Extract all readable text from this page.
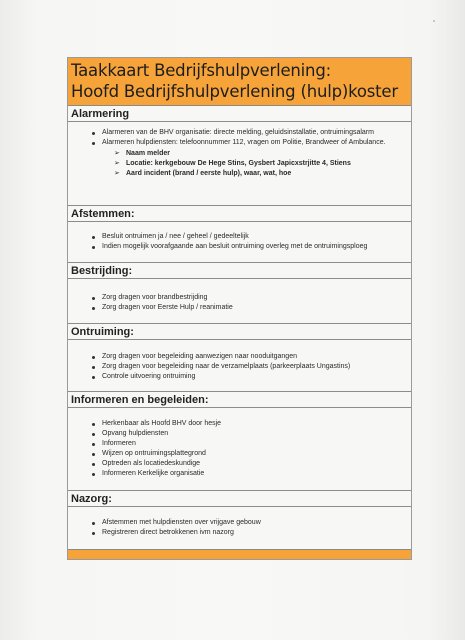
Taakkaart Bedrijfshulpverlening:
Hoofd Bedrijfshulpverlening (hulp)koster
Alarmering
Alarmeren van de BHV organisatie: directe melding, geluidsinstallatie, ontruimingsalarm
Alarmeren hulpdiensten: telefoonnummer 112, vragen om Politie, Brandweer of Ambulance.
➢ Naam melder
➢ Locatie: kerkgebouw De Hege Stins, Gysbert Japicxstrjitte 4, Stiens
➢ Aard incident (brand / eerste hulp), waar, wat, hoe
Afstemmen:
Besluit ontruimen ja / nee / geheel / gedeeltelijk
Indien mogelijk voorafgaande aan besluit ontruiming overleg met de ontruimingsploeg
Bestrijding:
Zorg dragen voor brandbestrijding
Zorg dragen voor Eerste Hulp / reanimatie
Ontruiming:
Zorg dragen voor begeleiding aanwezigen naar nooduitgangen
Zorg dragen voor begeleiding naar de verzamelplaats (parkeerplaats Ungastins)
Controle uitvoering ontruiming
Informeren en begeleiden:
Herkenbaar als Hoofd BHV door hesje
Opvang hulpdiensten
Informeren
Wijzen op ontruimingsplattegrond
Optreden als locatiedeskundige
Informeren Kerkelijke organisatie
Nazorg:
Afstemmen met hulpdiensten over vrijgave gebouw
Registreren direct betrokkenen ivm nazorg
